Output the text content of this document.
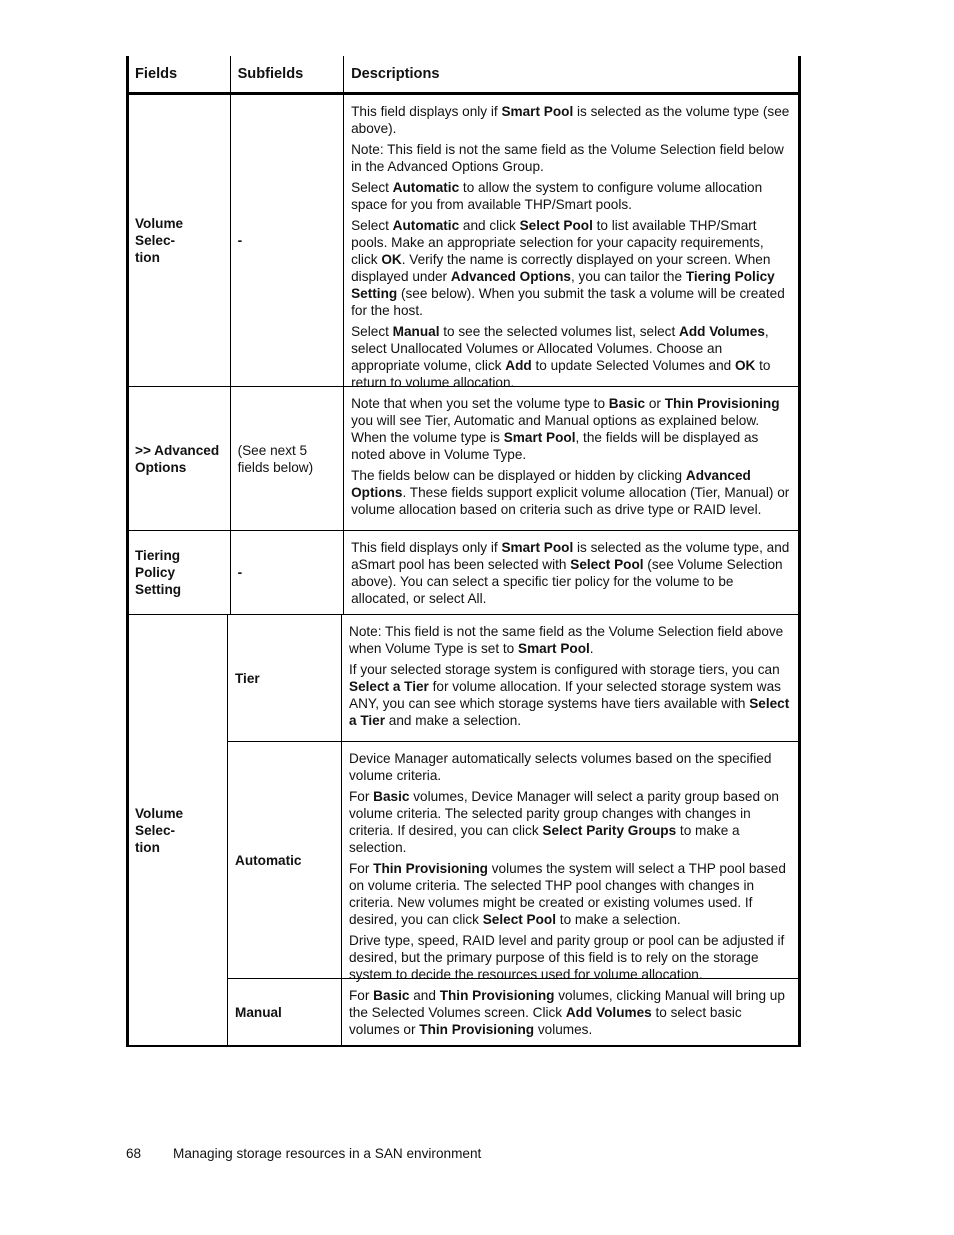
Fields	Subfields	Descriptions
Volume Selec-
tion
-

This field displays only if Smart Pool is selected as the volume type (see above).

Note: This field is not the same field as the Volume Selection field below in the Advanced Options Group.

Select Automatic to allow the system to configure volume allocation space for you from available THP/Smart pools.

Select Automatic and click Select Pool to list available THP/Smart pools. Make an appropriate selection for your capacity requirements, click OK. Verify the name is correctly displayed on your screen. When displayed under Advanced Options, you can tailor the Tiering Policy Setting (see below). When you submit the task a volume will be created for the host.

Select Manual to see the selected volumes list, select Add Volumes, select Unallocated Volumes or Allocated Volumes. Choose an appropriate volume, click Add to update Selected Volumes and OK to return to volume allocation.

>> Advanced Options
(See next 5 fields below)

Note that when you set the volume type to Basic or Thin Provisioning you will see Tier, Automatic and Manual options as explained below. When the volume type is Smart Pool, the fields will be displayed as noted above in Volume Type.

The fields below can be displayed or hidden by clicking Advanced Options. These fields support explicit volume allocation (Tier, Manual) or volume allocation based on criteria such as drive type or RAID level.

Tiering Policy Setting
-

This field displays only if Smart Pool is selected as the volume type, and aSmart pool has been selected with Select Pool (see Volume Selection above). You can select a specific tier policy for the volume to be allocated, or select All.

Volume Selec-
tion
Tier

Note: This field is not the same field as the Volume Selection field above when Volume Type is set to Smart Pool.

If your selected storage system is configured with storage tiers, you can Select a Tier for volume allocation. If your selected storage system was ANY, you can see which storage systems have tiers available with Select a Tier and make a selection.

Automatic

Device Manager automatically selects volumes based on the specified volume criteria.

For Basic volumes, Device Manager will select a parity group based on volume criteria. The selected parity group changes with changes in criteria. If desired, you can click Select Parity Groups to make a selection.

For Thin Provisioning volumes the system will select a THP pool based on volume criteria. The selected THP pool changes with changes in criteria. New volumes might be created or existing volumes used. If desired, you can click Select Pool to make a selection.

Drive type, speed, RAID level and parity group or pool can be adjusted if desired, but the primary purpose of this field is to rely on the storage system to decide the resources used for volume allocation.

Manual

For Basic and Thin Provisioning volumes, clicking Manual will bring up the Selected Volumes screen. Click Add Volumes to select basic volumes or Thin Provisioning volumes.

68 Managing storage resources in a SAN environment
